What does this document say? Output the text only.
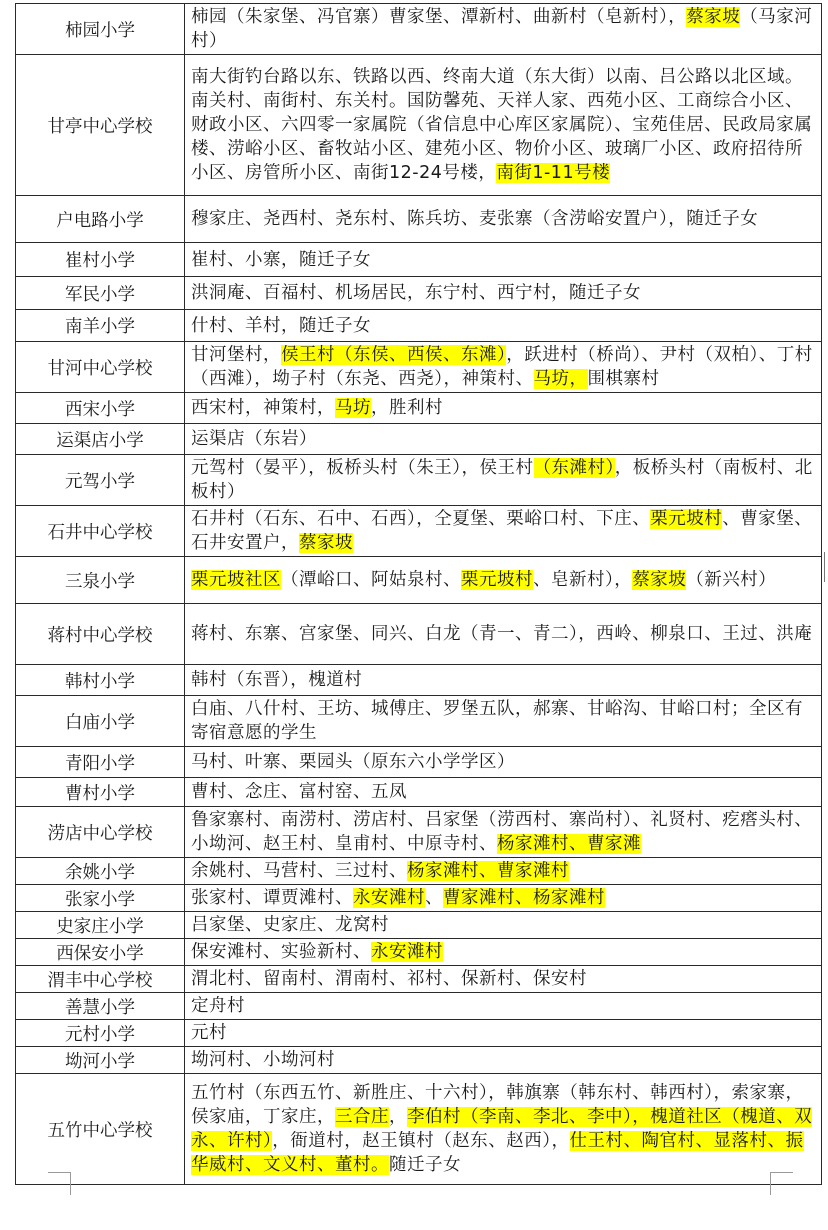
柿园小学	柿园（朱家堡、冯官寨）曹家堡、潭新村、曲新村（皂新村），蔡家坡（马家河村）
甘亭中心学校	南大街钓台路以东、铁路以西、终南大道（东大街）以南、吕公路以北区域。南关村、南街村、东关村。国防馨苑、天祥人家、西苑小区、工商综合小区、财政小区、六四零一家属院（省信息中心库区家属院）、宝苑佳居、民政局家属楼、涝峪小区、畜牧站小区、建苑小区、物价小区、玻璃厂小区、政府招待所小区、房管所小区、南街12-24号楼，南街1-11号楼
户电路小学	穆家庄、尧西村、尧东村、陈兵坊、麦张寨（含涝峪安置户），随迁子女
崔村小学	崔村、小寨，随迁子女
军民小学	洪洞庵、百福村、机场居民，东宁村、西宁村，随迁子女
南羊小学	什村、羊村，随迁子女
甘河中心学校	甘河堡村，侯王村（东侯、西侯、东滩），跃进村（桥尚）、尹村（双柏）、丁村（西滩），坳子村（东尧、西尧），神策村、马坊，围棋寨村
西宋小学	西宋村，神策村，马坊，胜利村
运渠店小学	运渠店（东岩）
元驾小学	元驾村（晏平），板桥头村（朱王），侯王村（东滩村），板桥头村（南板村、北板村）
石井中心学校	石井村（石东、石中、石西），仝夏堡、栗峪口村、下庄、栗元坡村、曹家堡、石井安置户，蔡家坡
三泉小学	栗元坡社区（潭峪口、阿姑泉村、栗元坡村、皂新村），蔡家坡（新兴村）
蒋村中心学校	蒋村、东寨、宫家堡、同兴、白龙（青一、青二），西岭、柳泉口、王过、洪庵
韩村小学	韩村（东晋），槐道村
白庙小学	白庙、八什村、王坊、城傅庄、罗堡五队，郝寨、甘峪沟、甘峪口村；全区有寄宿意愿的学生
青阳小学	马村、叶寨、栗园头（原东六小学学区）
曹村小学	曹村、念庄、富村窑、五凤
涝店中心学校	鲁家寨村、南涝村、涝店村、吕家堡（涝西村、寨尚村）、礼贤村、疙瘩头村、小坳河、赵王村、皇甫村、中原寺村、杨家滩村、曹家滩
余姚小学	余姚村、马营村、三过村、杨家滩村、曹家滩村
张家小学	张家村、谭贾滩村、永安滩村、曹家滩村、杨家滩村
史家庄小学	吕家堡、史家庄、龙窝村
西保安小学	保安滩村、实验新村、永安滩村
渭丰中心学校	渭北村、留南村、渭南村、祁村、保新村、保安村
善慧小学	定舟村
元村小学	元村
坳河小学	坳河村、小坳河村
五竹中心学校	五竹村（东西五竹、新胜庄、十六村），韩旗寨（韩东村、韩西村），索家寨，侯家庙，丁家庄，三合庄，李伯村（李南、李北、李中），槐道社区（槐道、双永、许村），衙道村，赵王镇村（赵东、赵西），仕王村、陶官村、显落村、振华威村、文义村、董村。随迁子女
